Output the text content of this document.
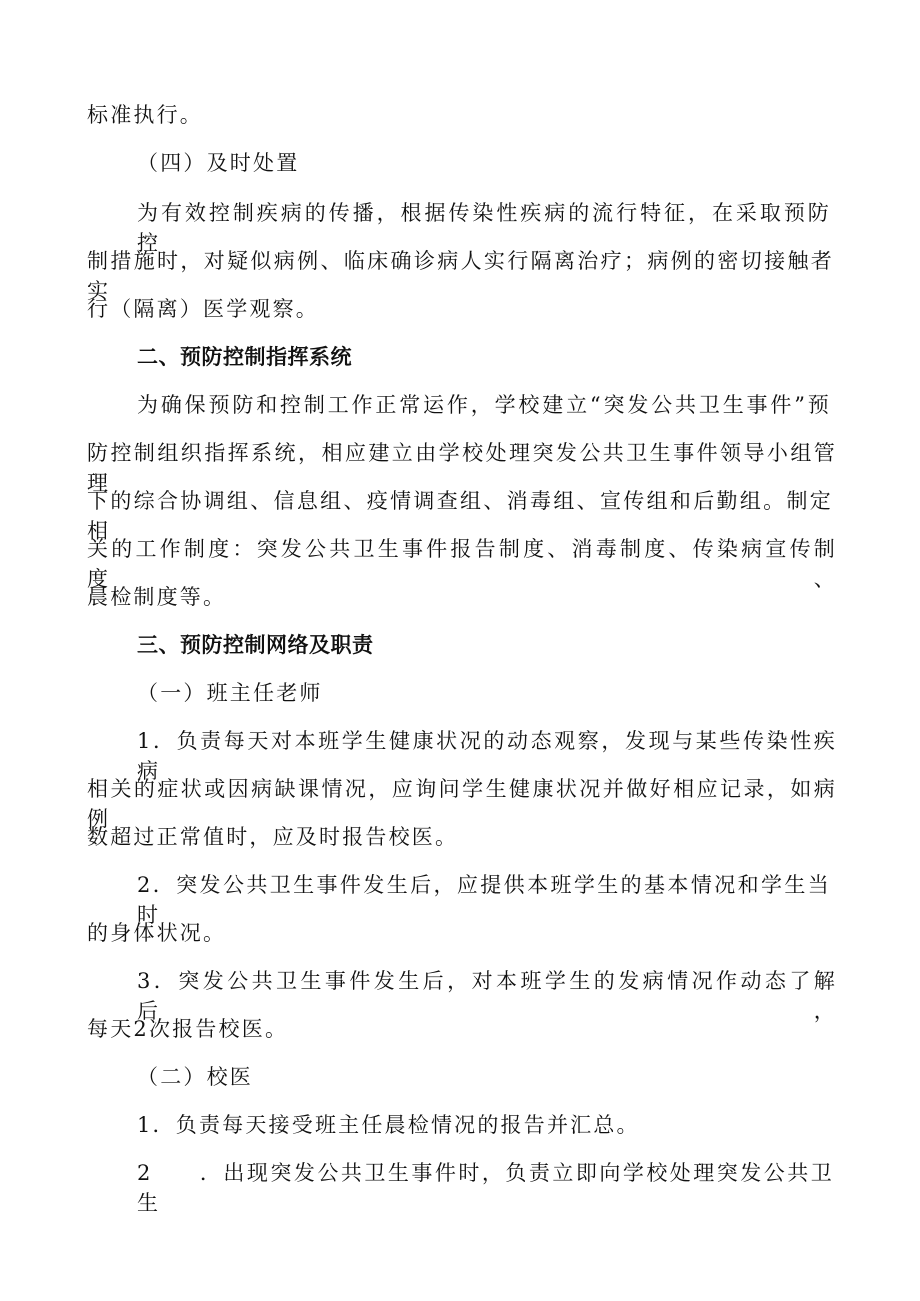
标准执行。
（四）及时处置
为有效控制疾病的传播，根据传染性疾病的流行特征，在采取预防控
制措施时，对疑似病例、临床确诊病人实行隔离治疗；病例的密切接触者实
行（隔离）医学观察。
二、预防控制指挥系统
为确保预防和控制工作正常运作，学校建立“突发公共卫生事件”预
防控制组织指挥系统，相应建立由学校处理突发公共卫生事件领导小组管理
下的综合协调组、信息组、疫情调查组、消毒组、宣传组和后勤组。制定相
关的工作制度：突发公共卫生事件报告制度、消毒制度、传染病宣传制度、
晨检制度等。
三、预防控制网络及职责
（一）班主任老师
1．负责每天对本班学生健康状况的动态观察，发现与某些传染性疾病
相关的症状或因病缺课情况，应询问学生健康状况并做好相应记录，如病例
数超过正常值时，应及时报告校医。
2．突发公共卫生事件发生后，应提供本班学生的基本情况和学生当时
的身体状况。
3．突发公共卫生事件发生后，对本班学生的发病情况作动态了解后，
每天2次报告校医。
（二）校医
1．负责每天接受班主任晨检情况的报告并汇总。
2　　．出现突发公共卫生事件时，负责立即向学校处理突发公共卫生
